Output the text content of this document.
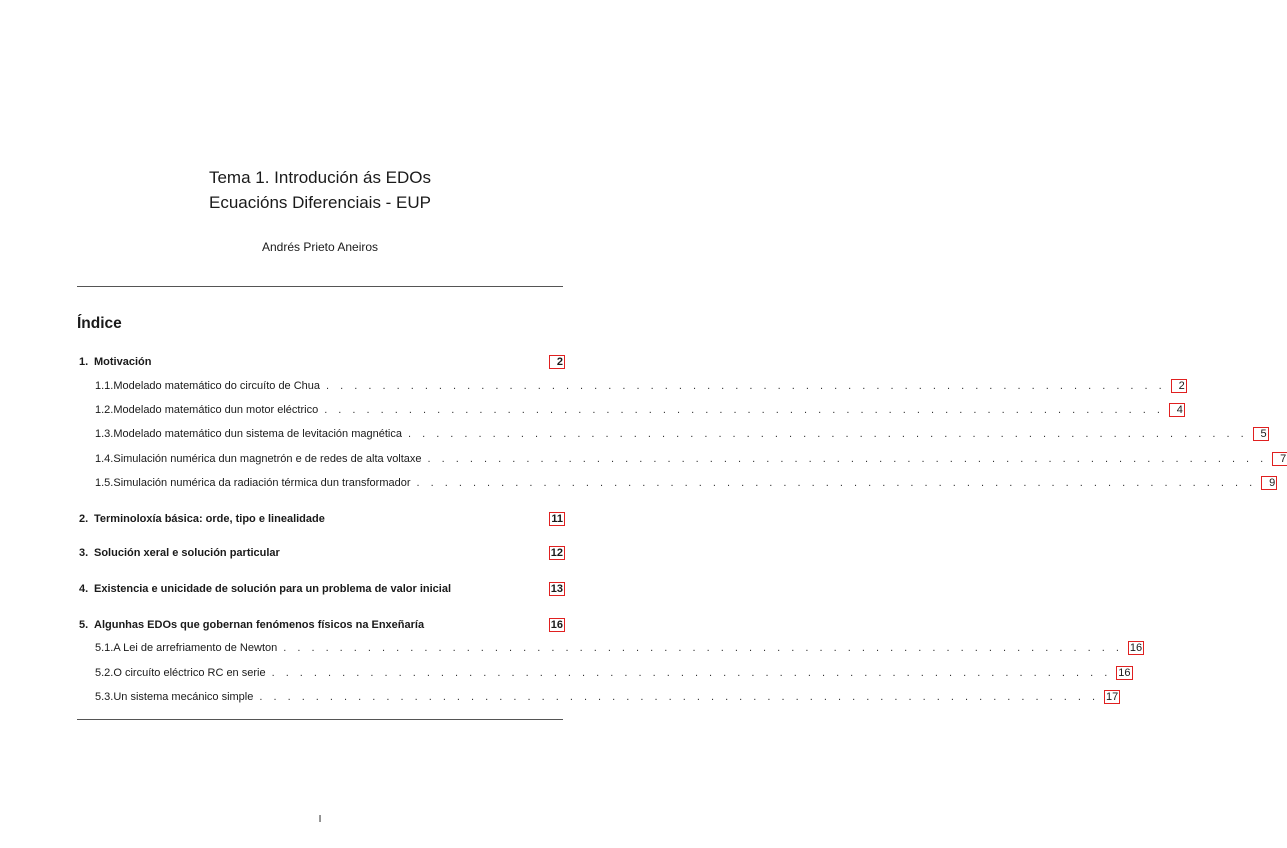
Tema 1. Introdución ás EDOs
Ecuacións Diferenciais - EUP
Andrés Prieto Aneiros
Índice
1. Motivación	2
1.1. Modelado matemático do circuíto de Chua . . . . . . . . . . . . . . . . . . . . . . . . . . . . . . . . . . . . . . . . . . . . . . . . . . . . . . . . . . . .	2
1.2. Modelado matemático dun motor eléctrico . . . . . . . . . . . . . . . . . . . . . . . . . . . . . . . . . . . . . . . . . . . . . . . . . . . . . . . . . . . .	4
1.3. Modelado matemático dun sistema de levitación magnética . . . . . . . . . . . . . . . . . . . . . . . . . . . . . . . . . . . . . . . . . . . . . . . . . . . . . . . . . . . .	5
1.4. Simulación numérica dun magnetrón e de redes de alta voltaxe . . . . . . . . . . . . . . . . . . . . . . . . . . . . . . . . . . . . . . . . . . . . . . . . . . . . . . . . . . . .	7
1.5. Simulación numérica da radiación térmica dun transformador . . . . . . . . . . . . . . . . . . . . . . . . . . . . . . . . . . . . . . . . . . . . . . . . . . . . . . . . . . . .	9
2. Terminoloxía básica: orde, tipo e linealidade	11
3. Solución xeral e solución particular	12
4. Existencia e unicidade de solución para un problema de valor inicial	13
5. Algunhas EDOs que gobernan fenómenos físicos na Enxeñaría	16
5.1. A Lei de arrefriamento de Newton . . . . . . . . . . . . . . . . . . . . . . . . . . . . . . . . . . . . . . . . . . . . . . . . . . . . . . . . . . . . 16
5.2. O circuíto eléctrico RC en serie . . . . . . . . . . . . . . . . . . . . . . . . . . . . . . . . . . . . . . . . . . . . . . . . . . . . . . . . . . . . 16
5.3. Un sistema mecánico simple . . . . . . . . . . . . . . . . . . . . . . . . . . . . . . . . . . . . . . . . . . . . . . . . . . . . . . . . . . . . 17
I
